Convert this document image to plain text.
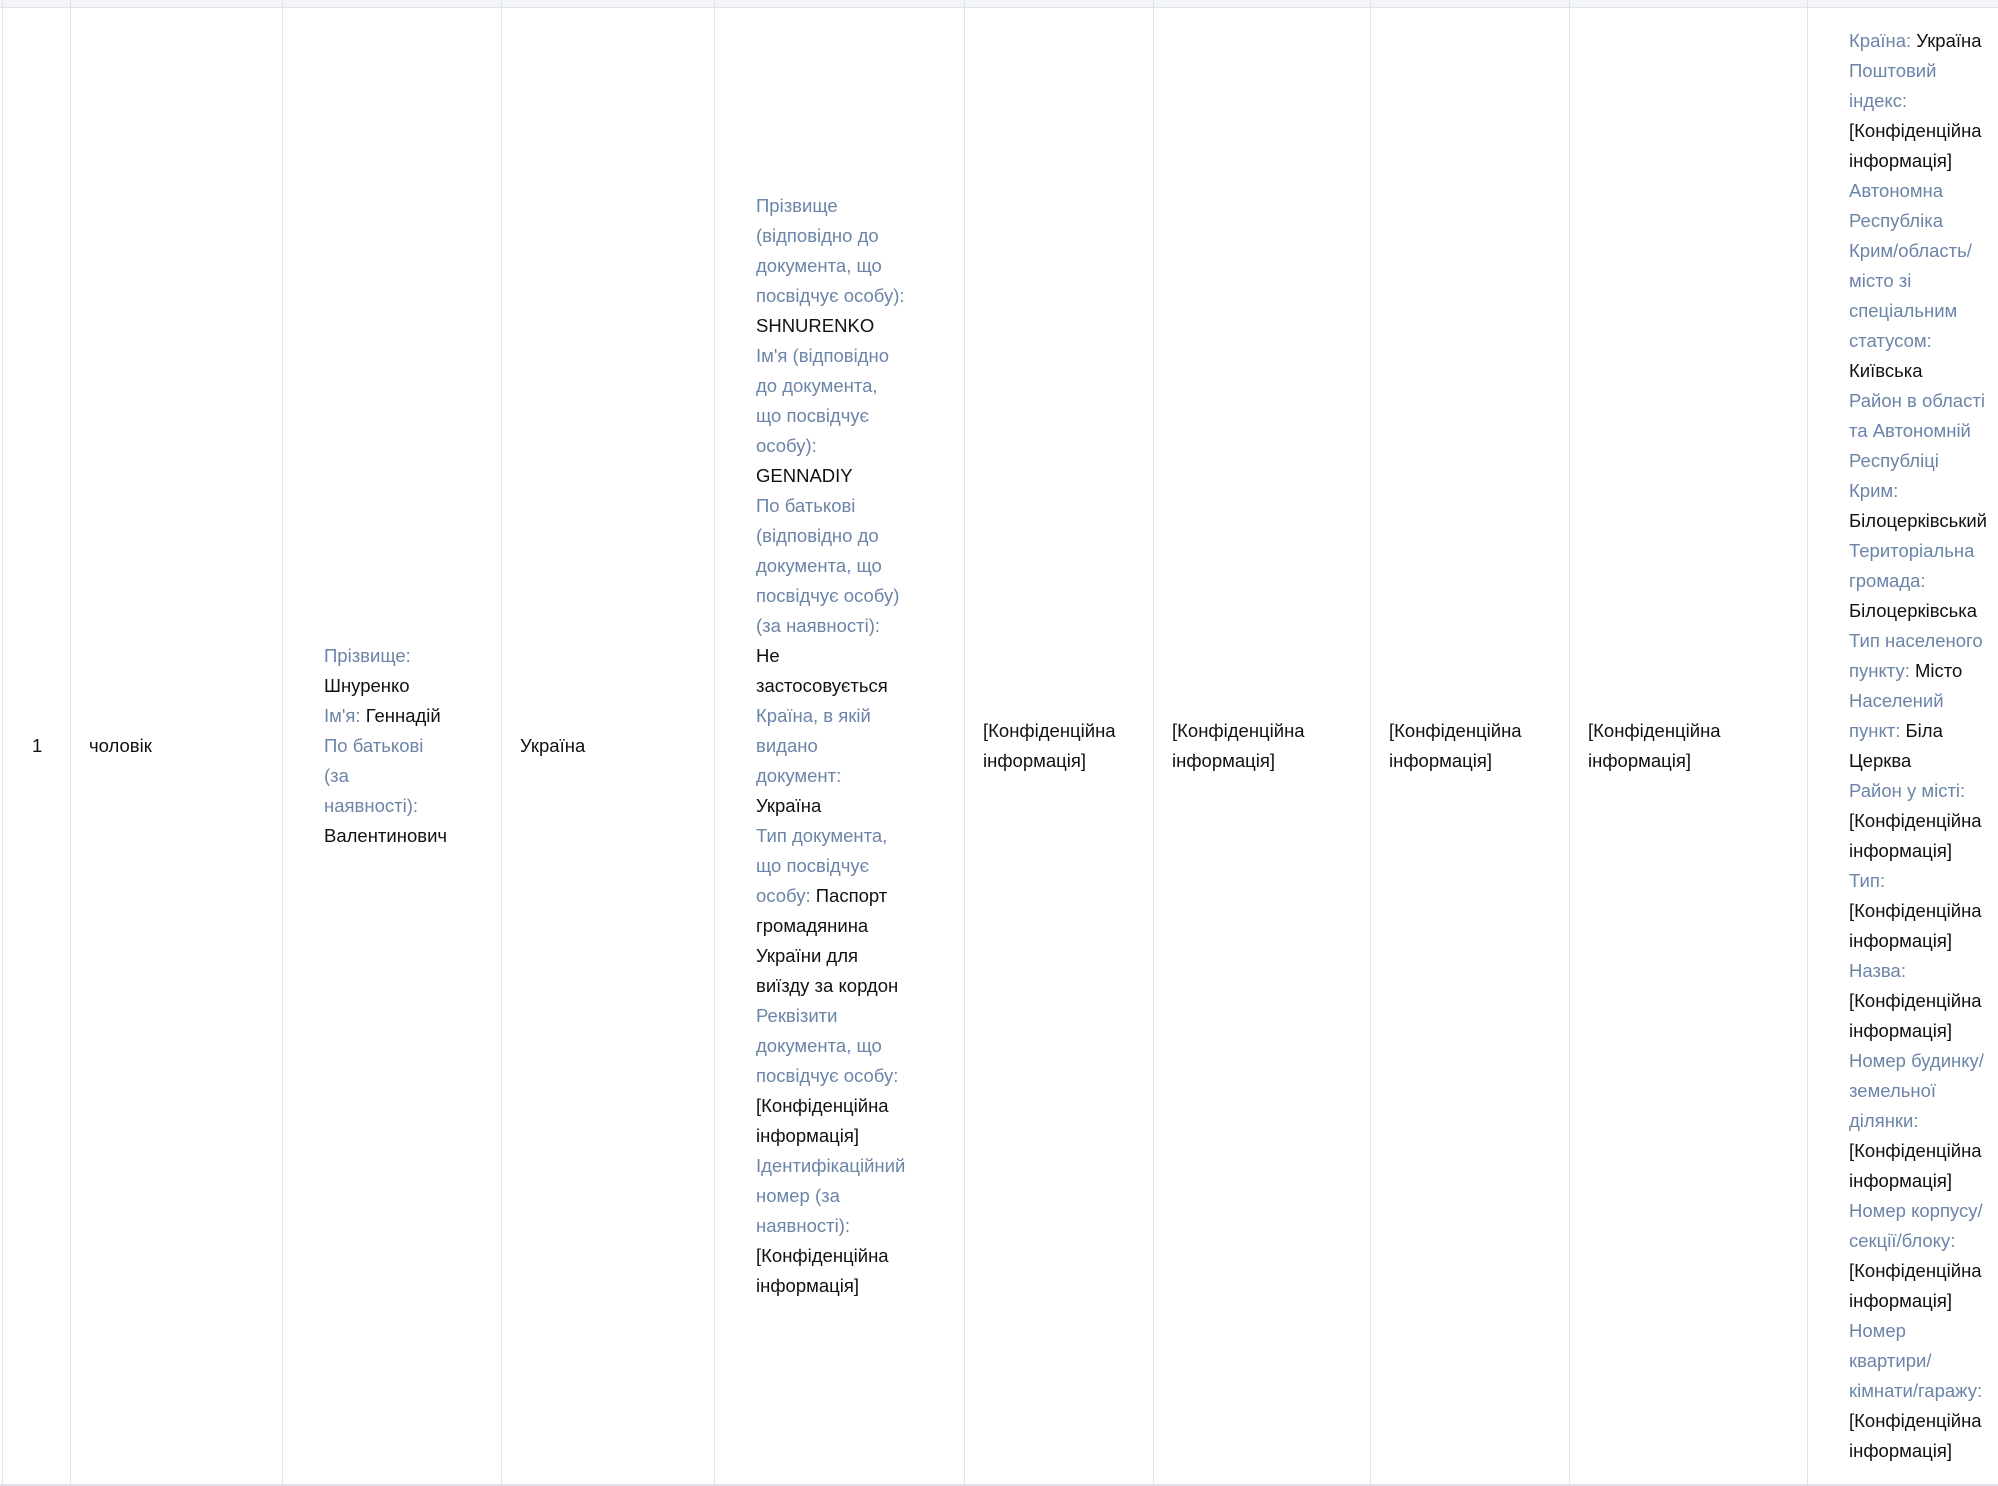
1	чоловік
Прізвище:
Шнуренко
Ім'я: Геннадій
По батькові
(за
наявності):
Валентинович
Україна
Прізвище
(відповідно до
документа, що
посвідчує особу):
SHNURENKO
Ім'я (відповідно
до документа,
що посвідчує
особу):
GENNADIY
По батькові
(відповідно до
документа, що
посвідчує особу)
(за наявності):
Не
застосовується
Країна, в якій
видано
документ:
Україна
Тип документа,
що посвідчує
особу: Паспорт
громадянина
України для
виїзду за кордон
Реквізити
документа, що
посвідчує особу:
[Конфіденційна
інформація]
Ідентифікаційний
номер (за
наявності):
[Конфіденційна
інформація]
[Конфіденційна
інформація]
[Конфіденційна
інформація]
[Конфіденційна
інформація]
[Конфіденційна
інформація]
Країна: Україна
Поштовий
індекс:
[Конфіденційна
інформація]
Автономна
Республіка
Крим/область/
місто зі
спеціальним
статусом:
Київська
Район в області
та Автономній
Республіці
Крим:
Білоцерківський
Територіальна
громада:
Білоцерківська
Тип населеного
пункту: Місто
Населений
пункт: Біла
Церква
Район у місті:
[Конфіденційна
інформація]
Тип:
[Конфіденційна
інформація]
Назва:
[Конфіденційна
інформація]
Номер будинку/
земельної
ділянки:
[Конфіденційна
інформація]
Номер корпусу/
секції/блоку:
[Конфіденційна
інформація]
Номер
квартири/
кімнати/гаражу:
[Конфіденційна
інформація]
